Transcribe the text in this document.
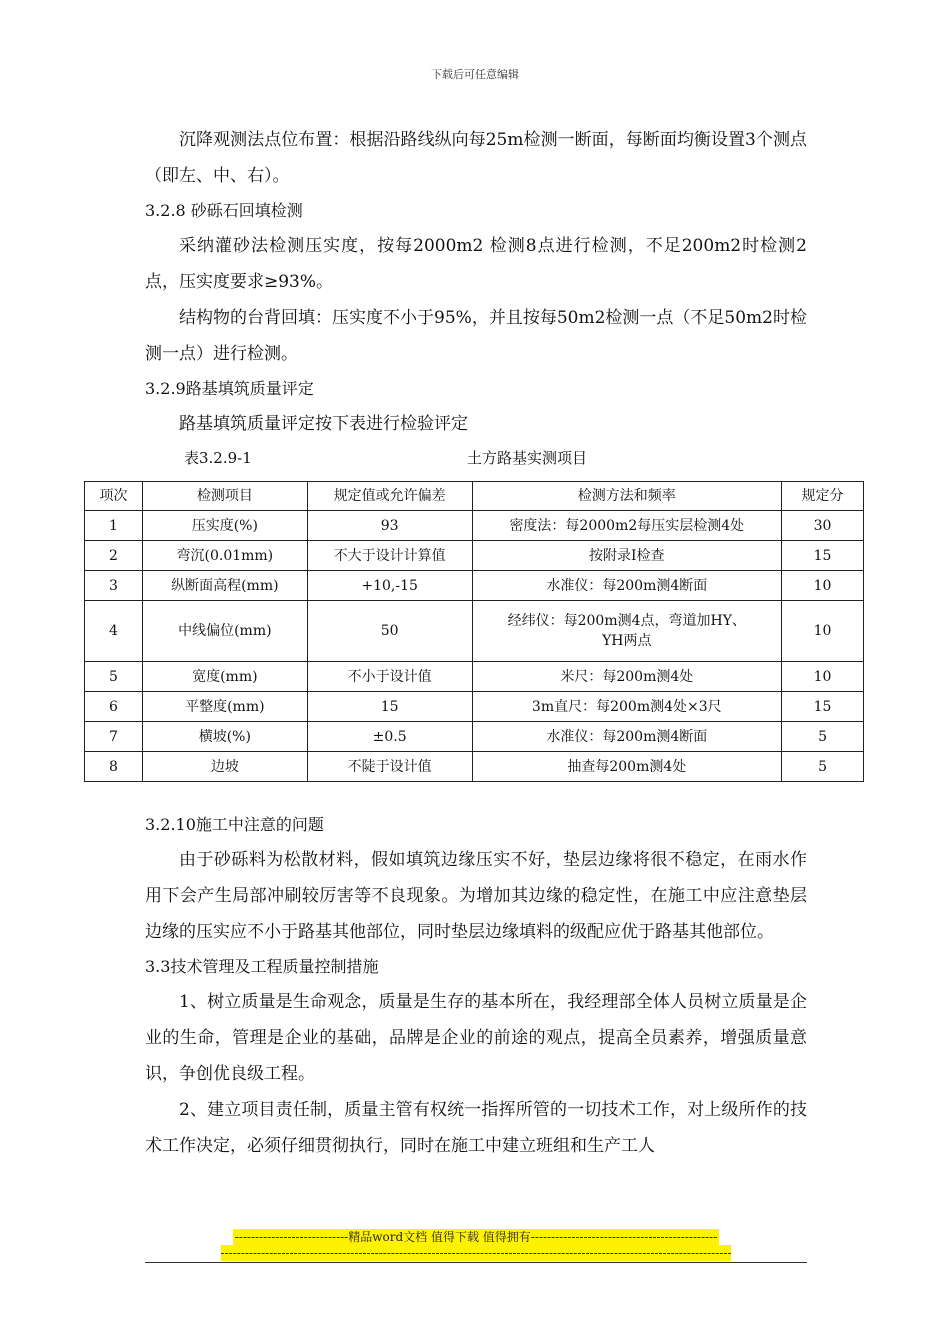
下载后可任意编辑

沉降观测法点位布置：根据沿路线纵向每25m检测一断面，每断面均衡设置3个测点（即左、中、右）。

3.2.8 砂砾石回填检测

采纳灌砂法检测压实度，按每2000m2 检测8点进行检测，不足200m2时检测2点，压实度要求≥93%。

结构物的台背回填：压实度不小于95%，并且按每50m2检测一点（不足50m2时检测一点）进行检测。

3.2.9路基填筑质量评定

路基填筑质量评定按下表进行检验评定

表3.2.9-1	土方路基实测项目
项次	检测项目	规定值或允许偏差	检测方法和频率	规定分
1	压实度(%)	93	密度法：每2000m2每压实层检测4处	30
2	弯沉(0.01mm)	不大于设计计算值	按附录I检查	15
3	纵断面高程(mm)	+10,-15	水准仪：每200m测4断面	10
4	中线偏位(mm)	50	经纬仪：每200m测4点，弯道加HY、YH两点	10
5	宽度(mm)	不小于设计值	米尺：每200m测4处	10
6	平整度(mm)	15	3m直尺：每200m测4处×3尺	15
7	横坡(%)	±0.5	水准仪：每200m测4断面	5
8	边坡	不陡于设计值	抽查每200m测4处	5

3.2.10施工中注意的问题

由于砂砾料为松散材料，假如填筑边缘压实不好，垫层边缘将很不稳定，在雨水作用下会产生局部冲刷较厉害等不良现象。为增加其边缘的稳定性，在施工中应注意垫层边缘的压实应不小于路基其他部位，同时垫层边缘填料的级配应优于路基其他部位。

3.3技术管理及工程质量控制措施

1、树立质量是生命观念，质量是生存的基本所在，我经理部全体人员树立质量是企业的生命，管理是企业的基础，品牌是企业的前途的观点，提高全员素养，增强质量意识，争创优良级工程。

2、建立项目责任制，质量主管有权统一指挥所管的一切技术工作，对上级所作的技术工作决定，必须仔细贯彻执行，同时在施工中建立班组和生产工人

----------------------------精品word文档 值得下载 值得拥有----------------------------------------------
------------------------------------------------------------------------------------------------------------------------------
